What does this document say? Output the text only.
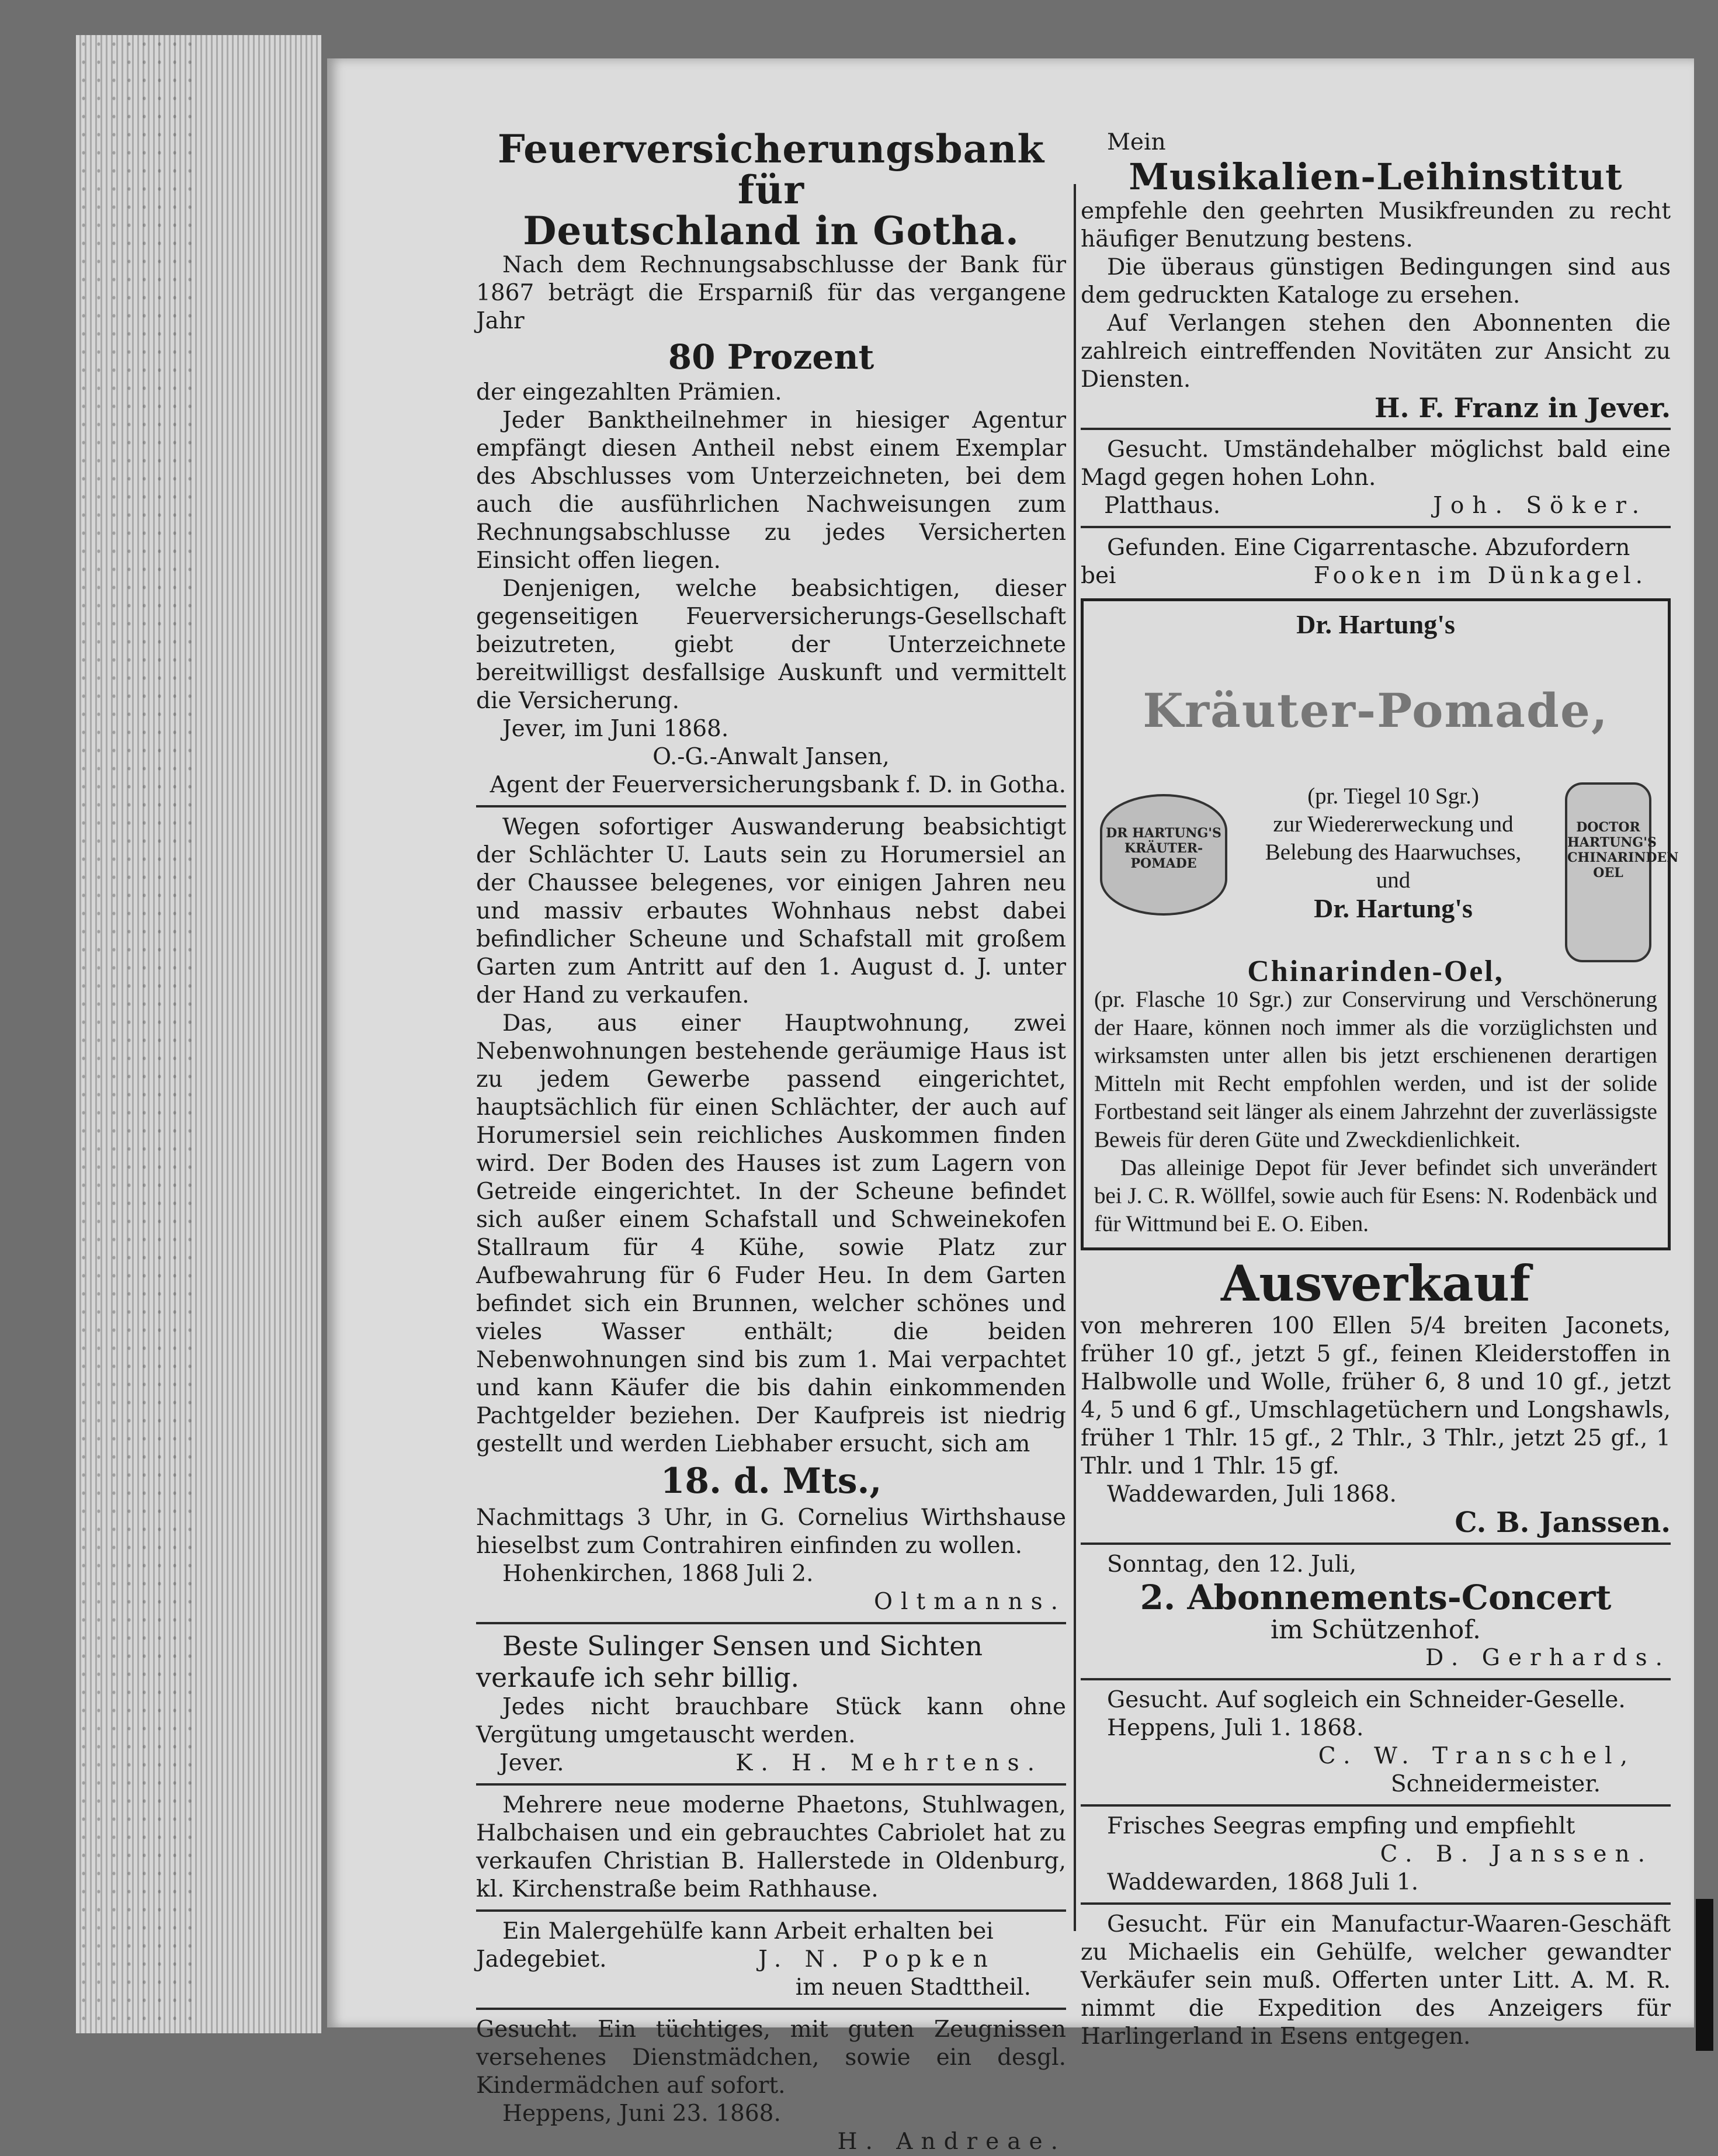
Feuerversicherungsbank für

Deutschland in Gotha.

Nach dem Rechnungsabschlusse der Bank für 1867 beträgt die Ersparniß für das vergangene Jahr

80 Prozent

der eingezahlten Prämien.

Jeder Banktheilnehmer in hiesiger Agentur empfängt diesen Antheil nebst einem Exemplar des Abschlusses vom Unterzeichneten, bei dem auch die ausführlichen Nachweisungen zum Rechnungsabschlusse zu jedes Versicherten Einsicht offen liegen.

Denjenigen, welche beabsichtigen, dieser gegenseitigen Feuerversicherungs-Gesellschaft beizutreten, giebt der Unterzeichnete bereitwilligst desfallsige Auskunft und vermittelt die Versicherung.

Jever, im Juni 1868.

O.-G.-Anwalt Jansen,

Agent der Feuerversicherungsbank f. D. in Gotha.

Wegen sofortiger Auswanderung beabsichtigt der Schlächter U. Lauts sein zu Horumersiel an der Chaussee belegenes, vor einigen Jahren neu und massiv erbautes Wohnhaus nebst dabei befindlicher Scheune und Schafstall mit großem Garten zum Antritt auf den 1. August d. J. unter der Hand zu verkaufen.

Das, aus einer Hauptwohnung, zwei Nebenwohnungen bestehende geräumige Haus ist zu jedem Gewerbe passend eingerichtet, hauptsächlich für einen Schlächter, der auch auf Horumersiel sein reichliches Auskommen finden wird. Der Boden des Hauses ist zum Lagern von Getreide eingerichtet. In der Scheune befindet sich außer einem Schafstall und Schweinekofen Stallraum für 4 Kühe, sowie Platz zur Aufbewahrung für 6 Fuder Heu. In dem Garten befindet sich ein Brunnen, welcher schönes und vieles Wasser enthält; die beiden Nebenwohnungen sind bis zum 1. Mai verpachtet und kann Käufer die bis dahin einkommenden Pachtgelder beziehen. Der Kaufpreis ist niedrig gestellt und werden Liebhaber ersucht, sich am

18. d. Mts.,

Nachmittags 3 Uhr, in G. Cornelius Wirthshause hieselbst zum Contrahiren einfinden zu wollen.

Hohenkirchen, 1868 Juli 2.

Oltmanns.

Beste Sulinger Sensen und Sichten verkaufe ich sehr billig.

Jedes nicht brauchbare Stück kann ohne Vergütung umgetauscht werden.

Jever.	K. H. Mehrtens.

Mehrere neue moderne Phaetons, Stuhlwagen, Halbchaisen und ein gebrauchtes Cabriolet hat zu verkaufen Christian B. Hallerstede in Oldenburg, kl. Kirchenstraße beim Rathhause.

Ein Malergehülfe kann Arbeit erhalten bei

Jadegebiet.	J. N. Popken

im neuen Stadttheil.

Gesucht. Ein tüchtiges, mit guten Zeugnissen versehenes Dienstmädchen, sowie ein desgl. Kindermädchen auf sofort.

Heppens, Juni 23. 1868.

H. Andreae.

Mein

Musikalien-Leihinstitut

empfehle den geehrten Musikfreunden zu recht häufiger Benutzung bestens.

Die überaus günstigen Bedingungen sind aus dem gedruckten Kataloge zu ersehen.

Auf Verlangen stehen den Abonnenten die zahlreich eintreffenden Novitäten zur Ansicht zu Diensten.

H. F. Franz in Jever.

Gesucht. Umständehalber möglichst bald eine Magd gegen hohen Lohn.

Platthaus.	Joh. Söker.

Gefunden. Eine Cigarrentasche. Abzufordern

bei	Fooken im Dünkagel.

Dr. Hartung's

Kräuter-Pomade,

DR HARTUNG'S
KRÄUTER-POMADE

(pr. Tiegel 10 Sgr.)

zur Wiedererweckung und

Belebung des Haarwuchses,

und

Dr. Hartung's

DOCTOR
HARTUNG'S
CHINARINDEN
OEL

Chinarinden-Oel,

(pr. Flasche 10 Sgr.) zur Conservirung und Verschönerung der Haare, können noch immer als die vorzüglichsten und wirksamsten unter allen bis jetzt erschienenen derartigen Mitteln mit Recht empfohlen werden, und ist der solide Fortbestand seit länger als einem Jahrzehnt der zuverlässigste Beweis für deren Güte und Zweckdienlichkeit.

Das alleinige Depot für Jever befindet sich unverändert bei J. C. R. Wöllfel, sowie auch für Esens: N. Rodenbäck und für Wittmund bei E. O. Eiben.

Ausverkauf

von mehreren 100 Ellen 5/4 breiten Jaconets, früher 10 gf., jetzt 5 gf., feinen Kleiderstoffen in Halbwolle und Wolle, früher 6, 8 und 10 gf., jetzt 4, 5 und 6 gf., Umschlagetüchern und Longshawls, früher 1 Thlr. 15 gf., 2 Thlr., 3 Thlr., jetzt 25 gf., 1 Thlr. und 1 Thlr. 15 gf.

Waddewarden, Juli 1868.

C. B. Janssen.

Sonntag, den 12. Juli,

2. Abonnements-Concert

im Schützenhof.

D. Gerhards.

Gesucht. Auf sogleich ein Schneider-Geselle.

Heppens, Juli 1. 1868.

C. W. Transchel,

Schneidermeister.

Frisches Seegras empfing und empfiehlt

C. B. Janssen.

Waddewarden, 1868 Juli 1.

Gesucht. Für ein Manufactur-Waaren-Geschäft zu Michaelis ein Gehülfe, welcher gewandter Verkäufer sein muß. Offerten unter Litt. A. M. R. nimmt die Expedition des Anzeigers für Harlingerland in Esens entgegen.
